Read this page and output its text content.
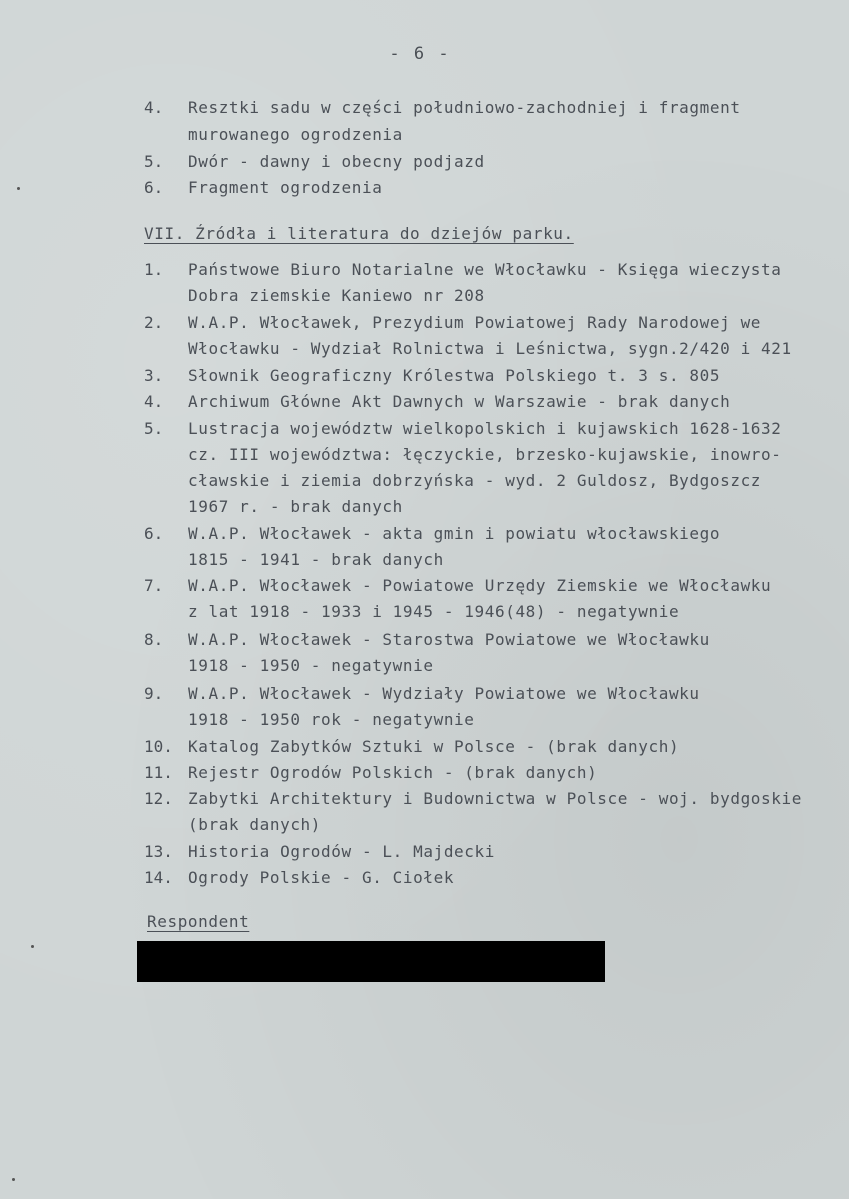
- 6 -
4. Resztki sadu w części południowo-zachodniej i fragment
murowanego ogrodzenia
5. Dwór - dawny i obecny podjazd
6. Fragment ogrodzenia
VII. Źródła i literatura do dziejów parku.
1. Państwowe Biuro Notarialne we Włocławku - Księga wieczysta
Dobra ziemskie Kaniewo nr 208
2. W.A.P. Włocławek, Prezydium Powiatowej Rady Narodowej we
Włocławku - Wydział Rolnictwa i Leśnictwa, sygn.2/420 i 421
3. Słownik Geograficzny Królestwa Polskiego t. 3 s. 805
4. Archiwum Główne Akt Dawnych w Warszawie - brak danych
5. Lustracja województw wielkopolskich i kujawskich 1628-1632
cz. III województwa: łęczyckie, brzesko-kujawskie, inowro-
cławskie i ziemia dobrzyńska - wyd. 2 Guldosz, Bydgoszcz
1967 r. - brak danych
6. W.A.P. Włocławek - akta gmin i powiatu włocławskiego
1815 - 1941 - brak danych
7. W.A.P. Włocławek - Powiatowe Urzędy Ziemskie we Włocławku
z lat 1918 - 1933 i 1945 - 1946(48) - negatywnie
8. W.A.P. Włocławek - Starostwa Powiatowe we Włocławku
1918 - 1950 - negatywnie
9. W.A.P. Włocławek - Wydziały Powiatowe we Włocławku
1918 - 1950 rok - negatywnie
10. Katalog Zabytków Sztuki w Polsce - (brak danych)
11. Rejestr Ogrodów Polskich - (brak danych)
12. Zabytki Architektury i Budownictwa w Polsce - woj. bydgoskie
(brak danych)
13. Historia Ogrodów - L. Majdecki
14. Ogrody Polskie - G. Ciołek
Respondent
